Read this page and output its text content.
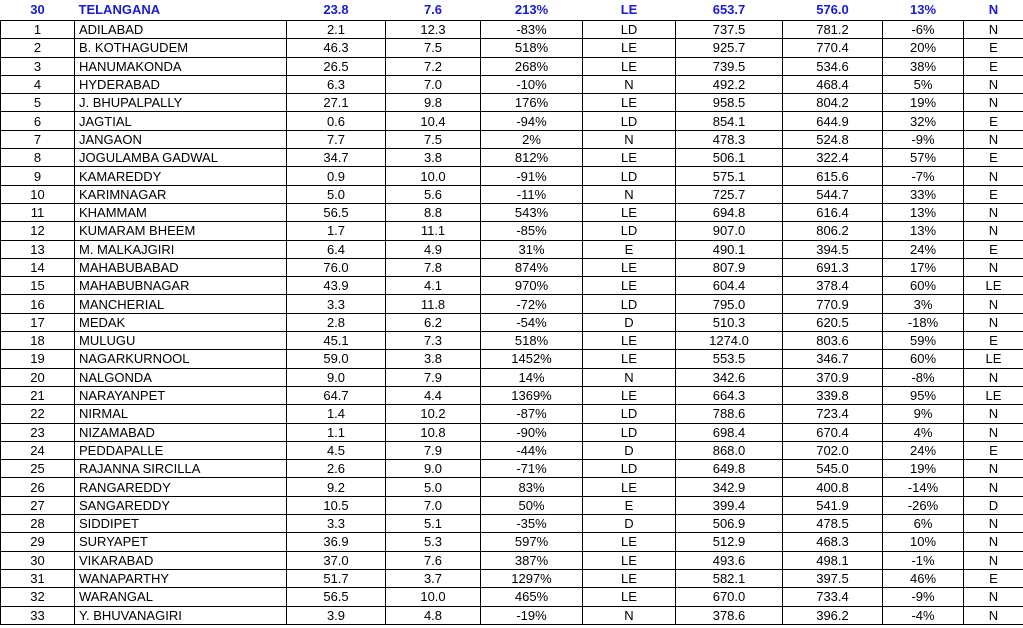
30	TELANGANA	23.8	7.6	213%	LE	653.7	576.0	13%	N
1	ADILABAD	2.1	12.3	-83%	LD	737.5	781.2	-6%	N
2	B. KOTHAGUDEM	46.3	7.5	518%	LE	925.7	770.4	20%	E
3	HANUMAKONDA	26.5	7.2	268%	LE	739.5	534.6	38%	E
4	HYDERABAD	6.3	7.0	-10%	N	492.2	468.4	5%	N
5	J. BHUPALPALLY	27.1	9.8	176%	LE	958.5	804.2	19%	N
6	JAGTIAL	0.6	10.4	-94%	LD	854.1	644.9	32%	E
7	JANGAON	7.7	7.5	2%	N	478.3	524.8	-9%	N
8	JOGULAMBA GADWAL	34.7	3.8	812%	LE	506.1	322.4	57%	E
9	KAMAREDDY	0.9	10.0	-91%	LD	575.1	615.6	-7%	N
10	KARIMNAGAR	5.0	5.6	-11%	N	725.7	544.7	33%	E
11	KHAMMAM	56.5	8.8	543%	LE	694.8	616.4	13%	N
12	KUMARAM BHEEM	1.7	11.1	-85%	LD	907.0	806.2	13%	N
13	M. MALKAJGIRI	6.4	4.9	31%	E	490.1	394.5	24%	E
14	MAHABUBABAD	76.0	7.8	874%	LE	807.9	691.3	17%	N
15	MAHABUBNAGAR	43.9	4.1	970%	LE	604.4	378.4	60%	LE
16	MANCHERIAL	3.3	11.8	-72%	LD	795.0	770.9	3%	N
17	MEDAK	2.8	6.2	-54%	D	510.3	620.5	-18%	N
18	MULUGU	45.1	7.3	518%	LE	1274.0	803.6	59%	E
19	NAGARKURNOOL	59.0	3.8	1452%	LE	553.5	346.7	60%	LE
20	NALGONDA	9.0	7.9	14%	N	342.6	370.9	-8%	N
21	NARAYANPET	64.7	4.4	1369%	LE	664.3	339.8	95%	LE
22	NIRMAL	1.4	10.2	-87%	LD	788.6	723.4	9%	N
23	NIZAMABAD	1.1	10.8	-90%	LD	698.4	670.4	4%	N
24	PEDDAPALLE	4.5	7.9	-44%	D	868.0	702.0	24%	E
25	RAJANNA SIRCILLA	2.6	9.0	-71%	LD	649.8	545.0	19%	N
26	RANGAREDDY	9.2	5.0	83%	LE	342.9	400.8	-14%	N
27	SANGAREDDY	10.5	7.0	50%	E	399.4	541.9	-26%	D
28	SIDDIPET	3.3	5.1	-35%	D	506.9	478.5	6%	N
29	SURYAPET	36.9	5.3	597%	LE	512.9	468.3	10%	N
30	VIKARABAD	37.0	7.6	387%	LE	493.6	498.1	-1%	N
31	WANAPARTHY	51.7	3.7	1297%	LE	582.1	397.5	46%	E
32	WARANGAL	56.5	10.0	465%	LE	670.0	733.4	-9%	N
33	Y. BHUVANAGIRI	3.9	4.8	-19%	N	378.6	396.2	-4%	N
